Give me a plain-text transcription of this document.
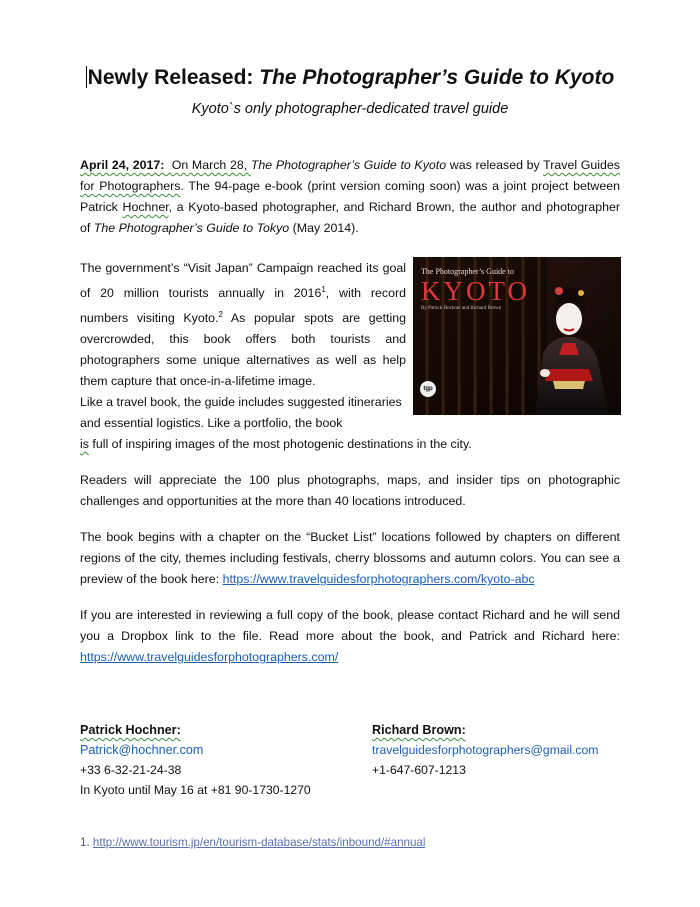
Newly Released: The Photographer’s Guide to Kyoto
Kyoto`s only photographer-dedicated travel guide
April 24, 2017:  On March 28, The Photographer’s Guide to Kyoto was released by Travel Guides for Photographers. The 94-page e-book (print version coming soon) was a joint project between Patrick Hochner, a Kyoto-based photographer, and Richard Brown, the author and photographer of The Photographer’s Guide to Tokyo (May 2014).
The government’s “Visit Japan” Campaign reached its goal of 20 million tourists annually in 2016$^1$, with record numbers visiting Kyoto.$^2$ As popular spots are getting overcrowded, this book offers both tourists and photographers some unique alternatives as well as help them capture that once-in-a-lifetime image.
Like a travel book, the guide includes suggested itineraries and essential logistics. Like a portfolio, the book
is full of inspiring images of the most photogenic destinations in the city.
Readers will appreciate the 100 plus photographs, maps, and insider tips on photographic challenges and opportunities at the more than 40 locations introduced.
The book begins with a chapter on the “Bucket List” locations followed by chapters on different regions of the city, themes including festivals, cherry blossoms and autumn colors. You can see a preview of the book here: https://www.travelguidesforphotographers.com/kyoto-abc
If you are interested in reviewing a full copy of the book, please contact Richard and he will send you a Dropbox link to the file. Read more about the book, and Patrick and Richard here: https://www.travelguidesforphotographers.com/
The Photographer’s Guide to
KYOTO
By Patrick Hochner and Richard Brown
tgp
Patrick Hochner:
Patrick@hochner.com
+33 6-32-21-24-38
In Kyoto until May 16 at +81 90-1730-1270
Richard Brown:
travelguidesforphotographers@gmail.com
+1-647-607-1213
1. http://www.tourism.jp/en/tourism-database/stats/inbound/#annual
